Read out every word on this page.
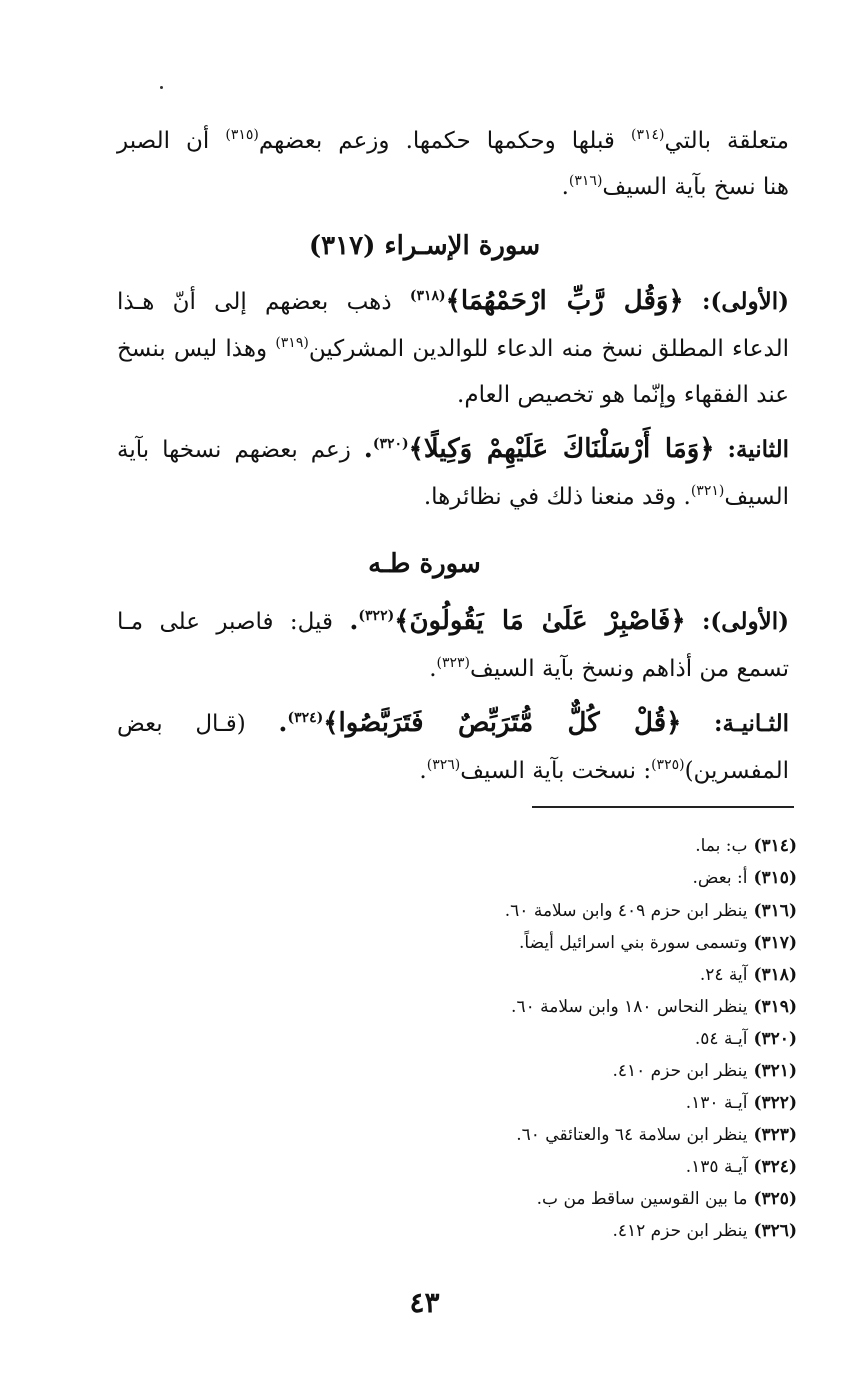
متعلقة بالتي$^{(٣١٤)}$ قبلها وحكمها حكمها. وزعم بعضهم$^{(٣١٥)}$ أن الصبر
هنا نسخ بآية السيف$^{(٣١٦)}$.
سورة الإسـراء (٣١٧)
(الأولى): ﴿وَقُل رَّبِّ ارْحَمْهُمَا﴾$^{(٣١٨)}$ ذهب بعضهم إلى أنّ هـذا
الدعاء المطلق نسخ منه الدعاء للوالدين المشركين$^{(٣١٩)}$ وهذا ليس بنسخ
عند الفقهاء وإنّما هو تخصيص العام.
الثانية: ﴿وَمَا أَرْسَلْنَاكَ عَلَيْهِمْ وَكِيلًا﴾$^{(٣٢٠)}$. زعم بعضهم نسخها بآية
السيف$^{(٣٢١)}$. وقد منعنا ذلك في نظائرها.
سورة طـه
(الأولى): ﴿فَاصْبِرْ عَلَىٰ مَا يَقُولُونَ﴾$^{(٣٢٢)}$. قيل: فاصبر على مـا
تسمع من أذاهم ونسخ بآية السيف$^{(٣٢٣)}$.
الثـانيـة: ﴿قُلْ كُلٌّ مُّتَرَبِّصٌ فَتَرَبَّصُوا﴾$^{(٣٢٤)}$. (قـال بعض
المفسرين)$^{(٣٢٥)}$: نسخت بآية السيف$^{(٣٢٦)}$.
(٣١٤)ب: بما.
(٣١٥)أ: بعض.
(٣١٦)ينظر ابن حزم ٤٠٩ وابن سلامة ٦٠.
(٣١٧)وتسمى سورة بني اسرائيل أيضاً.
(٣١٨)آية ٢٤.
(٣١٩)ينظر النحاس ١٨٠ وابن سلامة ٦٠.
(٣٢٠)آيـة ٥٤.
(٣٢١)ينظر ابن حزم ٤١٠.
(٣٢٢)آيـة ١٣٠.
(٣٢٣)ينظر ابن سلامة ٦٤ والعتائقي ٦٠.
(٣٢٤)آيـة ١٣٥.
(٣٢٥)ما بين القوسين ساقط من ب.
(٣٢٦)ينظر ابن حزم ٤١٢.
٤٣
